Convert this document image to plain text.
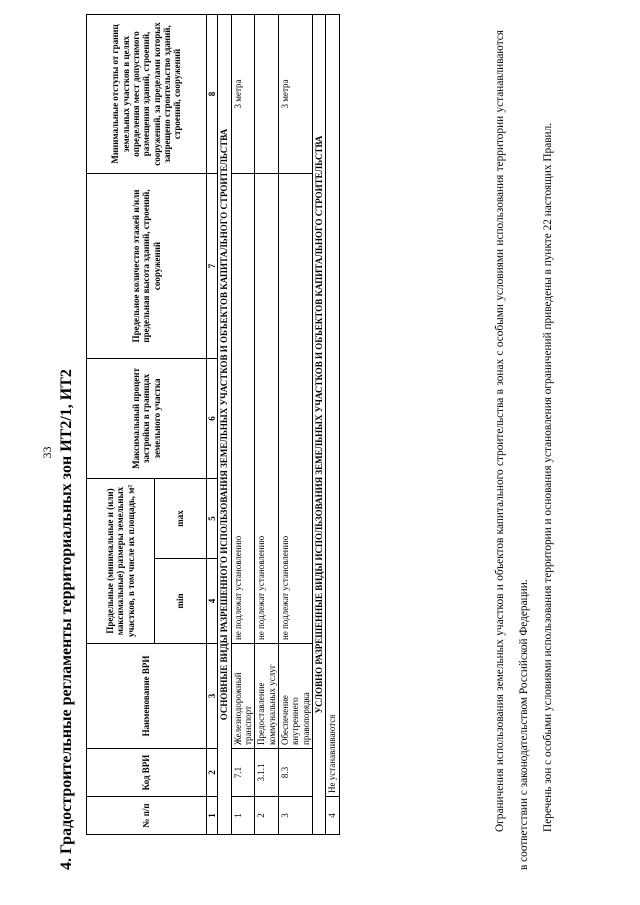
33 4. Градостроительные регламенты территориальных зон ИТ2/1, ИТ2	№ п/п	Код ВРИ	Наименование ВРИ	Предельные (минимальные и (или) максимальные) размеры земельных участков, в том числе их площадь, м²		Максимальный процент застройки в границах земельного участка	Предельное количество этажей и/или предельная высота зданий, строений, сооружений	Минимальные отступы от границ земельных участков в целях определения мест допустимого размещения зданий, строений, сооружений, за пределами которых запрещено строительство зданий, строений, сооружений
			min	max			
1	2	3	4	5	6	7	8
ОСНОВНЫЕ ВИДЫ РАЗРЕШЕННОГО ИСПОЛЬЗОВАНИЯ ЗЕМЕЛЬНЫХ УЧАСТКОВ И ОБЪЕКТОВ КАПИТАЛЬНОГО СТРОИТЕЛЬСТВА							
1	7.1	Железнодорожный транспорт	не подлежат установлению				3 метра
2	3.1.1	Предоставление коммунальных услуг	не подлежат установлению				
3	8.3	Обеспечение внутреннего правопорядка	не подлежат установлению				3 метра
УСЛОВНО РАЗРЕШЕННЫЕ ВИДЫ ИСПОЛЬЗОВАНИЯ ЗЕМЕЛЬНЫХ УЧАСТКОВ И ОБЪЕКТОВ КАПИТАЛЬНОГО СТРОИТЕЛЬСТВА							
4	Не устанавливаются							Ограничения использования земельных участков и объектов капитального строительства в зонах с особыми условиями использования территории устанавливаются в соответствии с законодательством Российской Федерации.	Перечень зон с особыми условиями использования территории и основания установления ограничений приведены в пункте 22 настоящих Правил.
